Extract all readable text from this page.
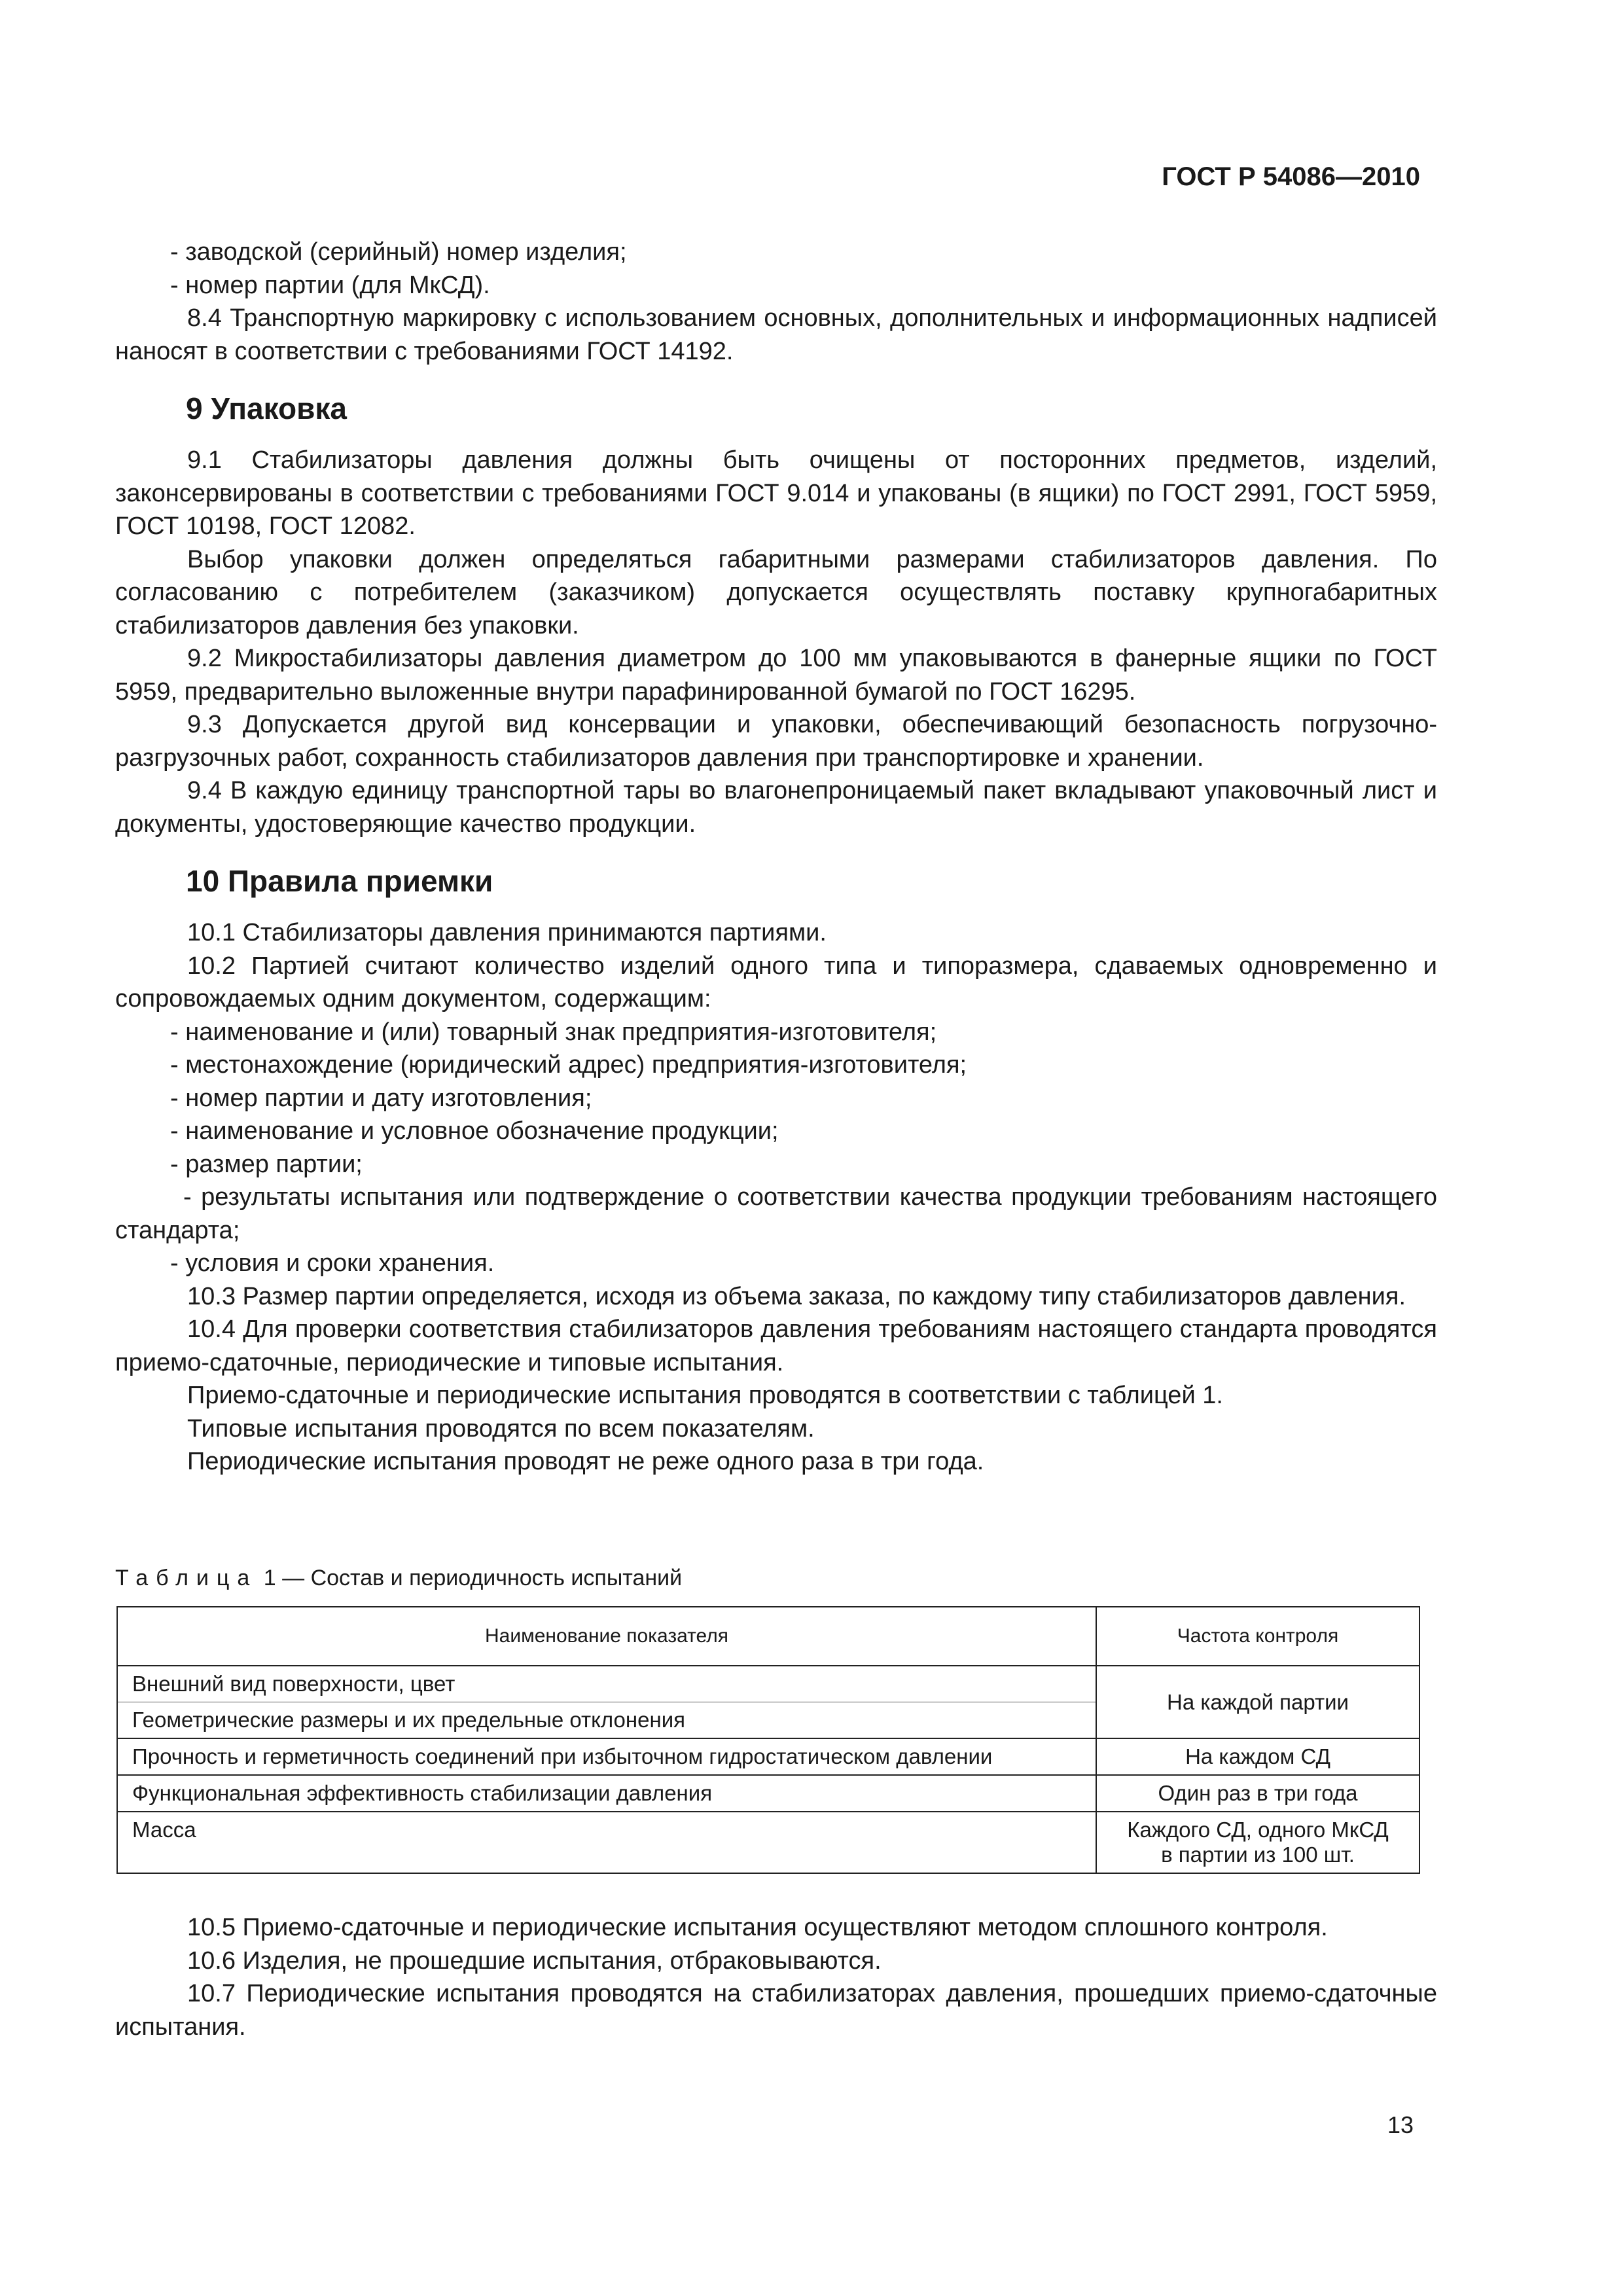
ГОСТ Р 54086—2010

- заводской (серийный) номер изделия;

- номер партии (для МкСД).

8.4 Транспортную маркировку с использованием основных, дополнительных и информационных надписей наносят в соответствии с требованиями ГОСТ 14192.

9 Упаковка

9.1 Стабилизаторы давления должны быть очищены от посторонних предметов, изделий, законсервированы в соответствии с требованиями ГОСТ 9.014 и упакованы (в ящики) по ГОСТ 2991, ГОСТ 5959, ГОСТ 10198, ГОСТ 12082.

Выбор упаковки должен определяться габаритными размерами стабилизаторов давления. По согласованию с потребителем (заказчиком) допускается осуществлять поставку крупногабаритных стабилизаторов давления без упаковки.

9.2 Микростабилизаторы давления диаметром до 100 мм упаковываются в фанерные ящики по ГОСТ 5959, предварительно выложенные внутри парафинированной бумагой по ГОСТ 16295.

9.3 Допускается другой вид консервации и упаковки, обеспечивающий безопасность погрузочно-разгрузочных работ, сохранность стабилизаторов давления при транспортировке и хранении.

9.4 В каждую единицу транспортной тары во влагонепроницаемый пакет вкладывают упаковочный лист и документы, удостоверяющие качество продукции.

10 Правила приемки

10.1 Стабилизаторы давления принимаются партиями.

10.2 Партией считают количество изделий одного типа и типоразмера, сдаваемых одновременно и сопровождаемых одним документом, содержащим:

- наименование и (или) товарный знак предприятия-изготовителя;

- местонахождение (юридический адрес) предприятия-изготовителя;

- номер партии и дату изготовления;

- наименование и условное обозначение продукции;

- размер партии;

- результаты испытания или подтверждение о соответствии качества продукции требованиям настоящего стандарта;

- условия и сроки хранения.

10.3 Размер партии определяется, исходя из объема заказа, по каждому типу стабилизаторов давления.

10.4 Для проверки соответствия стабилизаторов давления требованиям настоящего стандарта проводятся приемо-сдаточные, периодические и типовые испытания.

Приемо-сдаточные и периодические испытания проводятся в соответствии с таблицей 1.

Типовые испытания проводятся по всем показателям.

Периодические испытания проводят не реже одного раза в три года.

Таблица 1 — Состав и периодичность испытаний
Наименование показателя	Частота контроля
Внешний вид поверхности, цвет	На каждой партии
Геометрические размеры и их предельные отклонения	
Прочность и герметичность соединений при избыточном гидростатическом давлении	На каждом СД
Функциональная эффективность стабилизации давления	Один раз в три года
Масса	Каждого СД, одного МкСД
в партии из 100 шт.

10.5 Приемо-сдаточные и периодические испытания осуществляют методом сплошного контроля.

10.6 Изделия, не прошедшие испытания, отбраковываются.

10.7 Периодические испытания проводятся на стабилизаторах давления, прошедших приемо-сдаточные испытания.

13
